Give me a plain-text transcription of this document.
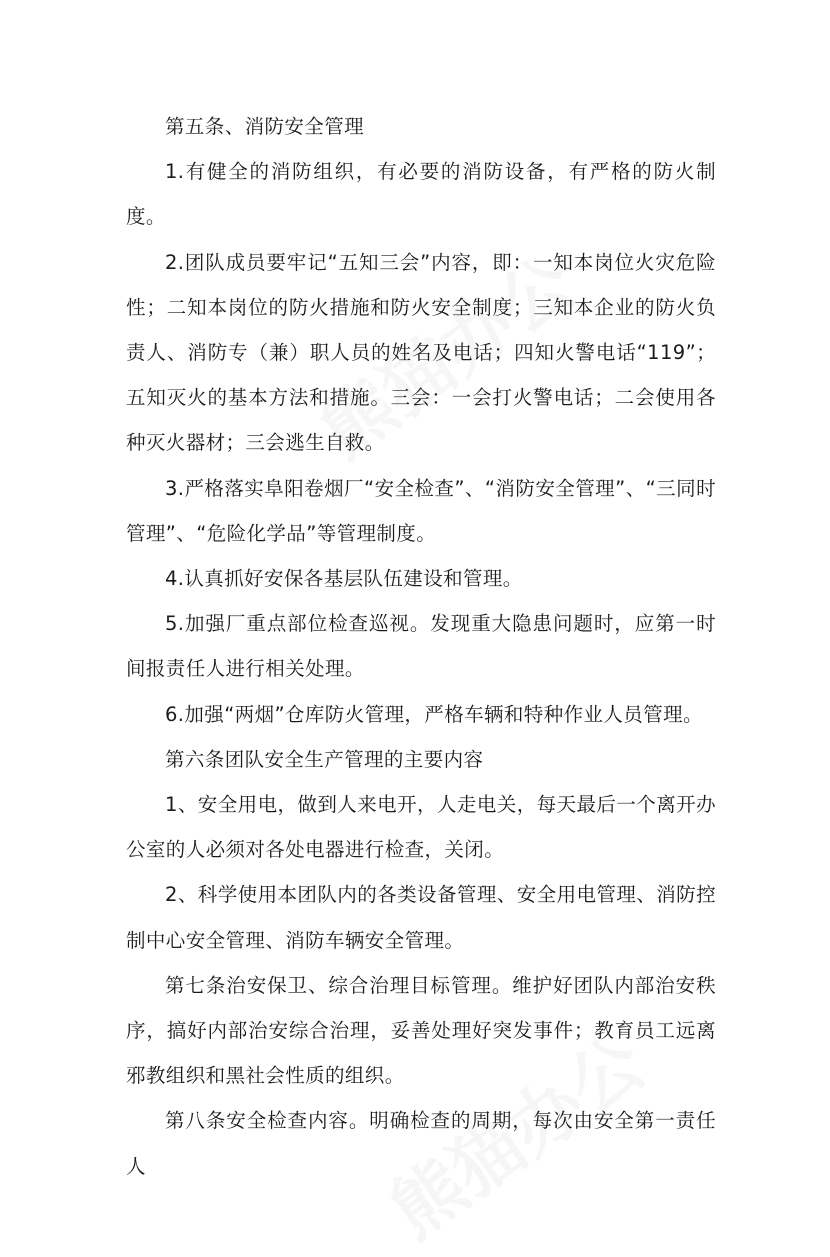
第五条、消防安全管理

1.有健全的消防组织，有必要的消防设备，有严格的防火制度。

2.团队成员要牢记“五知三会”内容，即：一知本岗位火灾危险性；二知本岗位的防火措施和防火安全制度；三知本企业的防火负责人、消防专（兼）职人员的姓名及电话；四知火警电话“119”；五知灭火的基本方法和措施。三会：一会打火警电话；二会使用各种灭火器材；三会逃生自救。

3.严格落实阜阳卷烟厂“安全检查”、“消防安全管理”、“三同时管理”、“危险化学品”等管理制度。

4.认真抓好安保各基层队伍建设和管理。

5.加强厂重点部位检查巡视。发现重大隐患问题时，应第一时间报责任人进行相关处理。

6.加强“两烟”仓库防火管理，严格车辆和特种作业人员管理。

第六条团队安全生产管理的主要内容

1、安全用电，做到人来电开，人走电关，每天最后一个离开办公室的人必须对各处电器进行检查，关闭。

2、科学使用本团队内的各类设备管理、安全用电管理、消防控制中心安全管理、消防车辆安全管理。

第七条治安保卫、综合治理目标管理。维护好团队内部治安秩序，搞好内部治安综合治理，妥善处理好突发事件；教育员工远离邪教组织和黑社会性质的组织。

第八条安全检查内容。明确检查的周期，每次由安全第一责任人
